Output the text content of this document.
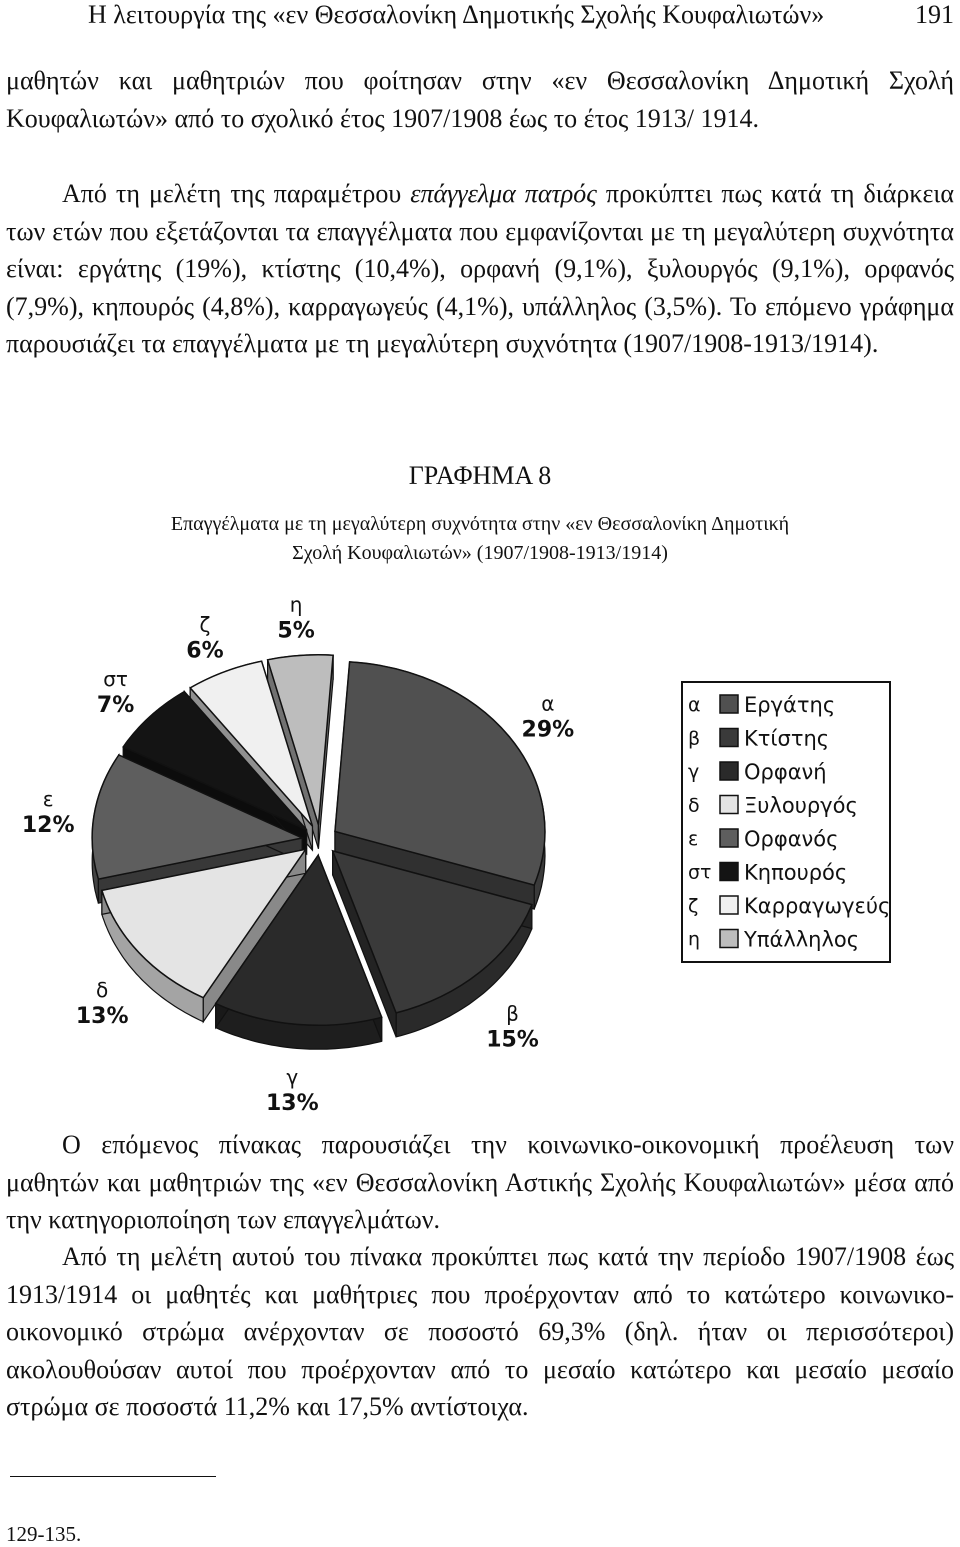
Η λειτουργία της «εν Θεσσαλονίκη Δημοτικής Σχολής Κουφαλιωτών»	191

μαθητών και μαθητριών που φοίτησαν στην «εν Θεσσαλονίκη Δημοτική Σχολή Κουφαλιωτών» από το σχολικό έτος 1907/1908 έως το έτος 1913/ 1914.

Από τη μελέτη της παραμέτρου επάγγελμα πατρός προκύπτει πως κατά τη διάρκεια των ετών που εξετάζονται τα επαγγέλματα που εμφανίζονται με τη μεγαλύτερη συχνότητα είναι: εργάτης (19%), κτίστης (10,4%), ορφανή (9,1%), ξυλουργός (9,1%), ορφανός (7,9%), κηπουρός (4,8%), καρραγωγεύς (4,1%), υπάλληλος (3,5%). Το επόμενο γράφημα παρουσιάζει τα επαγγέλματα με τη μεγαλύτερη συχνότητα (1907/1908-1913/1914).

ΓΡΑΦΗΜΑ 8
Επαγγέλματα με τη μεγαλύτερη συχνότητα στην «εν Θεσσαλονίκη Δημοτική
Σχολή Κουφαλιωτών» (1907/1908-1913/1914)
α
29%
β
15%
γ
13%
δ
13%
ε
12%
στ
7%
ζ
6%
η
5%
α Εργάτης
β Κτίστης
γ Ορφανή
δ Ξυλουργός
ε Ορφανός
στ Κηπουρός
ζ Καρραγωγεύς
η Υπάλληλος

Ο επόμενος πίνακας παρουσιάζει την κοινωνικο-οικονομική προέλευση των μαθητών και μαθητριών της «εν Θεσσαλονίκη Αστικής Σχολής Κουφαλιωτών» μέσα από την κατηγοριοποίηση των επαγγελμάτων.

Από τη μελέτη αυτού του πίνακα προκύπτει πως κατά την περίοδο 1907/1908 έως 1913/1914 οι μαθητές και μαθήτριες που προέρχονταν από το κατώτερο κοινωνικο-οικονομικό στρώμα ανέρχονταν σε ποσοστό 69,3% (δηλ. ήταν οι περισσότεροι) ακολουθούσαν αυτοί που προέρχονταν από το μεσαίο κατώτερο και μεσαίο μεσαίο στρώμα σε ποσοστά 11,2% και 17,5% αντίστοιχα.

129-135.
